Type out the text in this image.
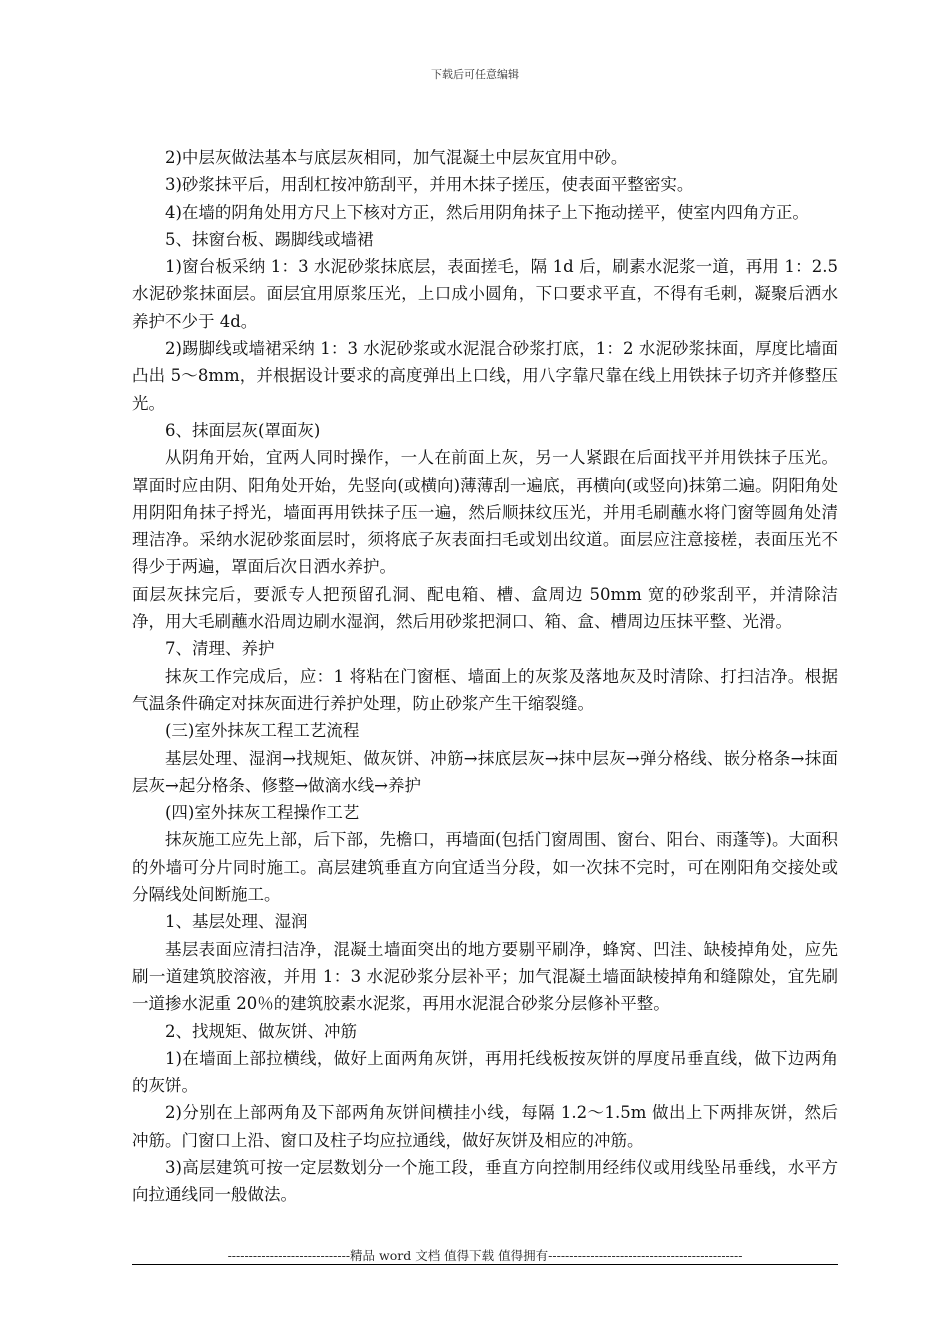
下载后可任意编辑

2)中层灰做法基本与底层灰相同，加气混凝土中层灰宜用中砂。

3)砂浆抹平后，用刮杠按冲筋刮平，并用木抹子搓压，使表面平整密实。

4)在墙的阴角处用方尺上下核对方正，然后用阴角抹子上下拖动搓平，使室内四角方正。

5、抹窗台板、踢脚线或墙裙

1)窗台板采纳 1：3 水泥砂浆抹底层，表面搓毛，隔 1d 后，刷素水泥浆一道，再用 1：2.5 水泥砂浆抹面层。面层宜用原浆压光，上口成小圆角，下口要求平直，不得有毛刺，凝聚后洒水养护不少于 4d。

2)踢脚线或墙裙采纳 1：3 水泥砂浆或水泥混合砂浆打底，1：2 水泥砂浆抹面，厚度比墙面凸出 5～8mm，并根据设计要求的高度弹出上口线，用八字靠尺靠在线上用铁抹子切齐并修整压光。

6、抹面层灰(罩面灰)

从阴角开始，宜两人同时操作，一人在前面上灰，另一人紧跟在后面找平并用铁抹子压光。罩面时应由阴、阳角处开始，先竖向(或横向)薄薄刮一遍底，再横向(或竖向)抹第二遍。阴阳角处用阴阳角抹子捋光，墙面再用铁抹子压一遍，然后顺抹纹压光，并用毛刷蘸水将门窗等圆角处清理洁净。采纳水泥砂浆面层时，须将底子灰表面扫毛或划出纹道。面层应注意接槎，表面压光不得少于两遍，罩面后次日洒水养护。

面层灰抹完后，要派专人把预留孔洞、配电箱、槽、盒周边 50mm 宽的砂浆刮平，并清除洁净，用大毛刷蘸水沿周边刷水湿润，然后用砂浆把洞口、箱、盒、槽周边压抹平整、光滑。

7、清理、养护

抹灰工作完成后，应：1 将粘在门窗框、墙面上的灰浆及落地灰及时清除、打扫洁净。根据气温条件确定对抹灰面进行养护处理，防止砂浆产生干缩裂缝。

(三)室外抹灰工程工艺流程

基层处理、湿润→找规矩、做灰饼、冲筋→抹底层灰→抹中层灰→弹分格线、嵌分格条→抹面层灰→起分格条、修整→做滴水线→养护

(四)室外抹灰工程操作工艺

抹灰施工应先上部，后下部，先檐口，再墙面(包括门窗周围、窗台、阳台、雨蓬等)。大面积的外墙可分片同时施工。高层建筑垂直方向宜适当分段，如一次抹不完时，可在刚阳角交接处或分隔线处间断施工。

1、基层处理、湿润

基层表面应清扫洁净，混凝土墙面突出的地方要剔平刷净，蜂窝、凹洼、缺棱掉角处，应先刷一道建筑胶溶液，并用 1：3 水泥砂浆分层补平；加气混凝土墙面缺棱掉角和缝隙处，宜先刷一道掺水泥重 20％的建筑胶素水泥浆，再用水泥混合砂浆分层修补平整。

2、找规矩、做灰饼、冲筋

1)在墙面上部拉横线，做好上面两角灰饼，再用托线板按灰饼的厚度吊垂直线，做下边两角的灰饼。

2)分别在上部两角及下部两角灰饼间横挂小线，每隔 1.2～1.5m 做出上下两排灰饼，然后冲筋。门窗口上沿、窗口及柱子均应拉通线，做好灰饼及相应的冲筋。

3)高层建筑可按一定层数划分一个施工段，垂直方向控制用经纬仪或用线坠吊垂线，水平方向拉通线同一般做法。

-----------------------------精品 word 文档 值得下载 值得拥有----------------------------------------------
